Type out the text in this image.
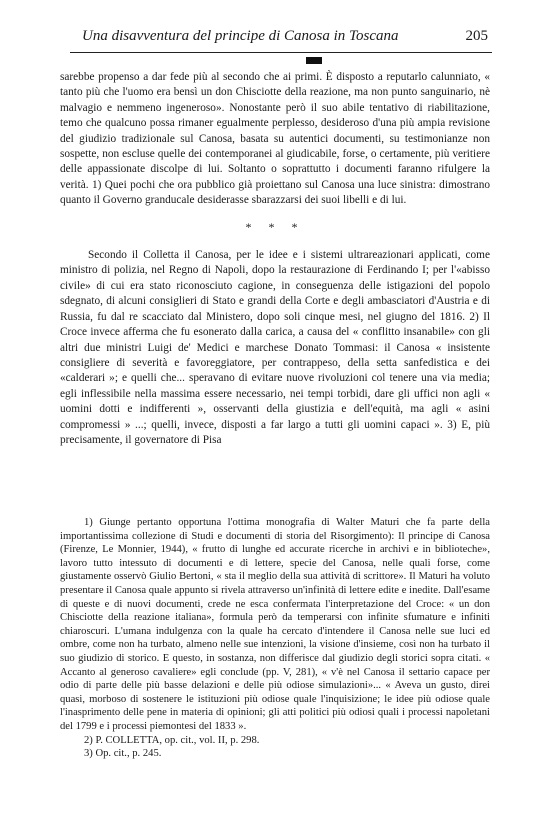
Una disavventura del principe di Canosa in Toscana	205

sarebbe propenso a dar fede più al secondo che ai primi. È disposto a reputarlo calunniato, « tanto più che l'uomo era bensì un don Chisciotte della reazione, ma non punto sanguinario, nè malvagio e nemmeno ingeneroso». Nonostante però il suo abile tentativo di riabilitazione, temo che qualcuno possa rimaner egualmente perplesso, desideroso d'una più ampia revisione del giudizio tradizionale sul Canosa, basata su autentici documenti, su testimonianze non sospette, non escluse quelle dei contemporanei al giudicabile, forse, o certamente, più veritiere delle appassionate discolpe di lui. Soltanto o soprattutto i documenti faranno rifulgere la verità. 1) Quei pochi che ora pubblico già proiettano sul Canosa una luce sinistra: dimostrano quanto il Governo granducale desiderasse sbarazzarsi dei suoi libelli e di lui.

* * *

Secondo il Colletta il Canosa, per le idee e i sistemi ultrareazionari applicati, come ministro di polizia, nel Regno di Napoli, dopo la restaurazione di Ferdinando I; per l'«abisso civile» di cui era stato riconosciuto cagione, in conseguenza delle istigazioni del popolo sdegnato, di alcuni consiglieri di Stato e grandi della Corte e degli ambasciatori d'Austria e di Russia, fu dal re scacciato dal Ministero, dopo soli cinque mesi, nel giugno del 1816. 2) Il Croce invece afferma che fu esonerato dalla carica, a causa del « conflitto insanabile» con gli altri due ministri Luigi de' Medici e marchese Donato Tommasi: il Canosa « insistente consigliere di severità e favoreggiatore, per contrappeso, della setta sanfedistica e dei «calderari »; e quelli che... speravano di evitare nuove rivoluzioni col tenere una via media; egli inflessibile nella massima essere necessario, nei tempi torbidi, dare gli uffici non agli « uomini dotti e indifferenti », osservanti della giustizia e dell'equità, ma agli « asini compromessi » ...; quelli, invece, disposti a far largo a tutti gli uomini capaci ». 3) E, più precisamente, il governatore di Pisa

1) Giunge pertanto opportuna l'ottima monografia di Walter Maturi che fa parte della importantissima collezione di Studi e documenti di storia del Risorgimento): Il principe di Canosa (Firenze, Le Monnier, 1944), « frutto di lunghe ed accurate ricerche in archivi e in biblioteche», lavoro tutto intessuto di documenti e di lettere, specie del Canosa, nelle quali forse, come giustamente osservò Giulio Bertoni, « sta il meglio della sua attività di scrittore». Il Maturi ha voluto presentare il Canosa quale appunto si rivela attraverso un'infinità di lettere edite e inedite. Dall'esame di queste e di nuovi documenti, crede ne esca confermata l'interpretazione del Croce: « un don Chisciotte della reazione italiana», formula però da temperarsi con infinite sfumature e infiniti chiaroscuri. L'umana indulgenza con la quale ha cercato d'intendere il Canosa nelle sue luci ed ombre, come non ha turbato, almeno nelle sue intenzioni, la visione d'insieme, così non ha turbato il suo giudizio di storico. E questo, in sostanza, non differisce dal giudizio degli storici sopra citati. « Accanto al generoso cavaliere» egli conclude (pp. V, 281), « v'è nel Canosa il settario capace per odio di parte delle più basse delazioni e delle più odiose simulazioni»... « Aveva un gusto, direi quasi, morboso di sostenere le istituzioni più odiose quale l'inquisizione; le idee più odiose quale l'inasprimento delle pene in materia di opinioni; gli atti politici più odiosi quali i processi napoletani del 1799 e i processi piemontesi del 1833 ».

2) P. COLLETTA, op. cit., vol. II, p. 298.

3) Op. cit., p. 245.
